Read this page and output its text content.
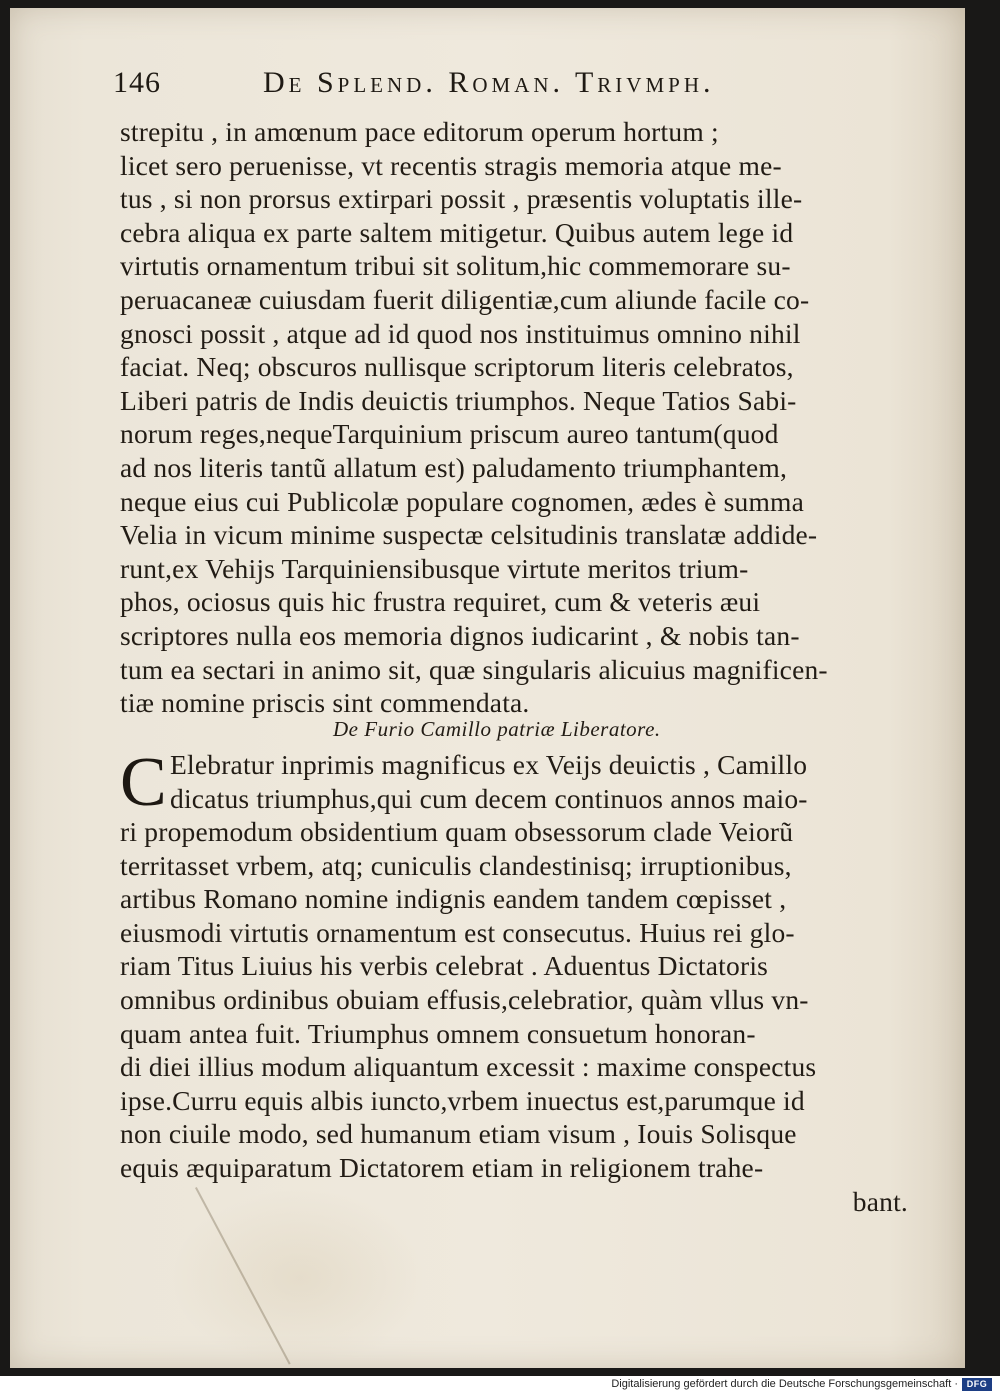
146	De Splend. Roman. Trivmph.
strepitu , in amœnum pace editorum operum hortum ;
licet sero peruenisse, vt recentis stragis memoria atque me-
tus , si non prorsus extirpari possit , præsentis voluptatis ille-
cebra aliqua ex parte saltem mitigetur. Quibus autem lege id
virtutis ornamentum tribui sit solitum,hic commemorare su-
peruacaneæ cuiusdam fuerit diligentiæ,cum aliunde facile co-
gnosci possit , atque ad id quod nos instituimus omnino nihil
faciat. Neq; obscuros nullisque scriptorum literis celebratos,
Liberi patris de Indis deuictis triumphos. Neque Tatios Sabi-
norum reges,nequeTarquinium priscum aureo tantum(quod
ad nos literis tantũ allatum est) paludamento triumphantem,
neque eius cui Publicolæ populare cognomen, ædes è summa
Velia in vicum minime suspectæ celsitudinis translatæ addide-
runt,ex Vehijs Tarquiniensibusque virtute meritos trium-
phos, ociosus quis hic frustra requiret, cum & veteris æui
scriptores nulla eos memoria dignos iudicarint , & nobis tan-
tum ea sectari in animo sit, quæ singularis alicuius magnificen-
tiæ nomine priscis sint commendata.
De Furio Camillo patriæ Liberatore.
C Elebratur inprimis magnificus ex Veijs deuictis , Camillo
dicatus triumphus,qui cum decem continuos annos maio-
ri propemodum obsidentium quam obsessorum clade Veiorũ
territasset vrbem, atq; cuniculis clandestinisq; irruptionibus,
artibus Romano nomine indignis eandem tandem cœpisset ,
eiusmodi virtutis ornamentum est consecutus. Huius rei glo-
riam Titus Liuius his verbis celebrat . Aduentus Dictatoris
omnibus ordinibus obuiam effusis,celebratior, quàm vllus vn-
quam antea fuit. Triumphus omnem consuetum honoran-
di diei illius modum aliquantum excessit : maxime conspectus
ipse.Curru equis albis iuncto,vrbem inuectus est,parumque id
non ciuile modo, sed humanum etiam visum , Iouis Solisque
equis æquiparatum Dictatorem etiam in religionem trahe-
bant.
Digitalisierung gefördert durch die Deutsche Forschungsgemeinschaft · DFG
